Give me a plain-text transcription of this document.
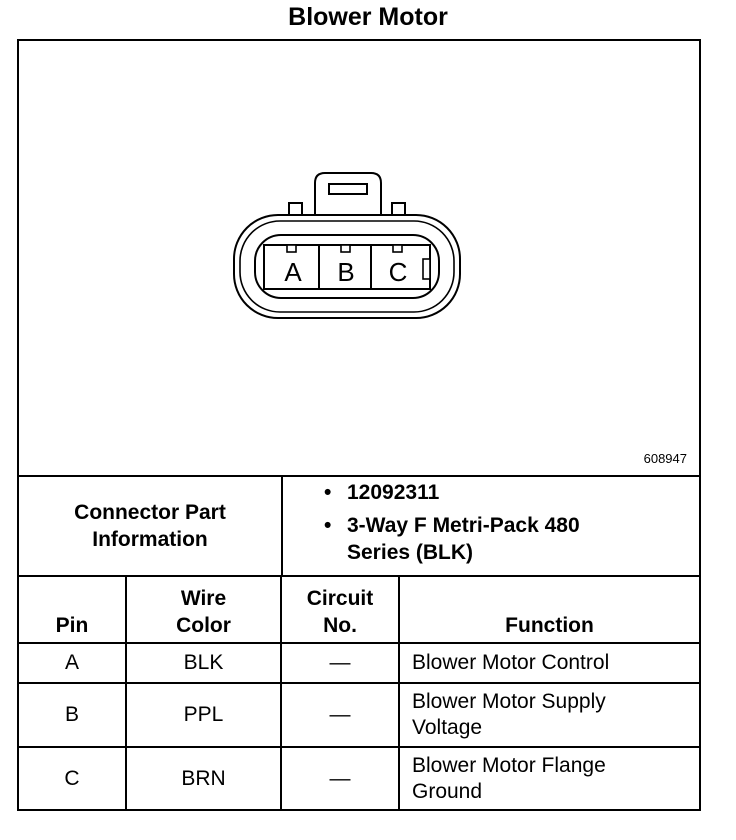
Blower Motor
A B C
608947
Connector Part Information
• 12092311
• 3-Way F Metri-Pack 480 Series (BLK)
Pin	Wire Color	Circuit No.	Function
A	BLK	—	Blower Motor Control
B	PPL	—	Blower Motor Supply Voltage
C	BRN	—	Blower Motor Flange Ground
